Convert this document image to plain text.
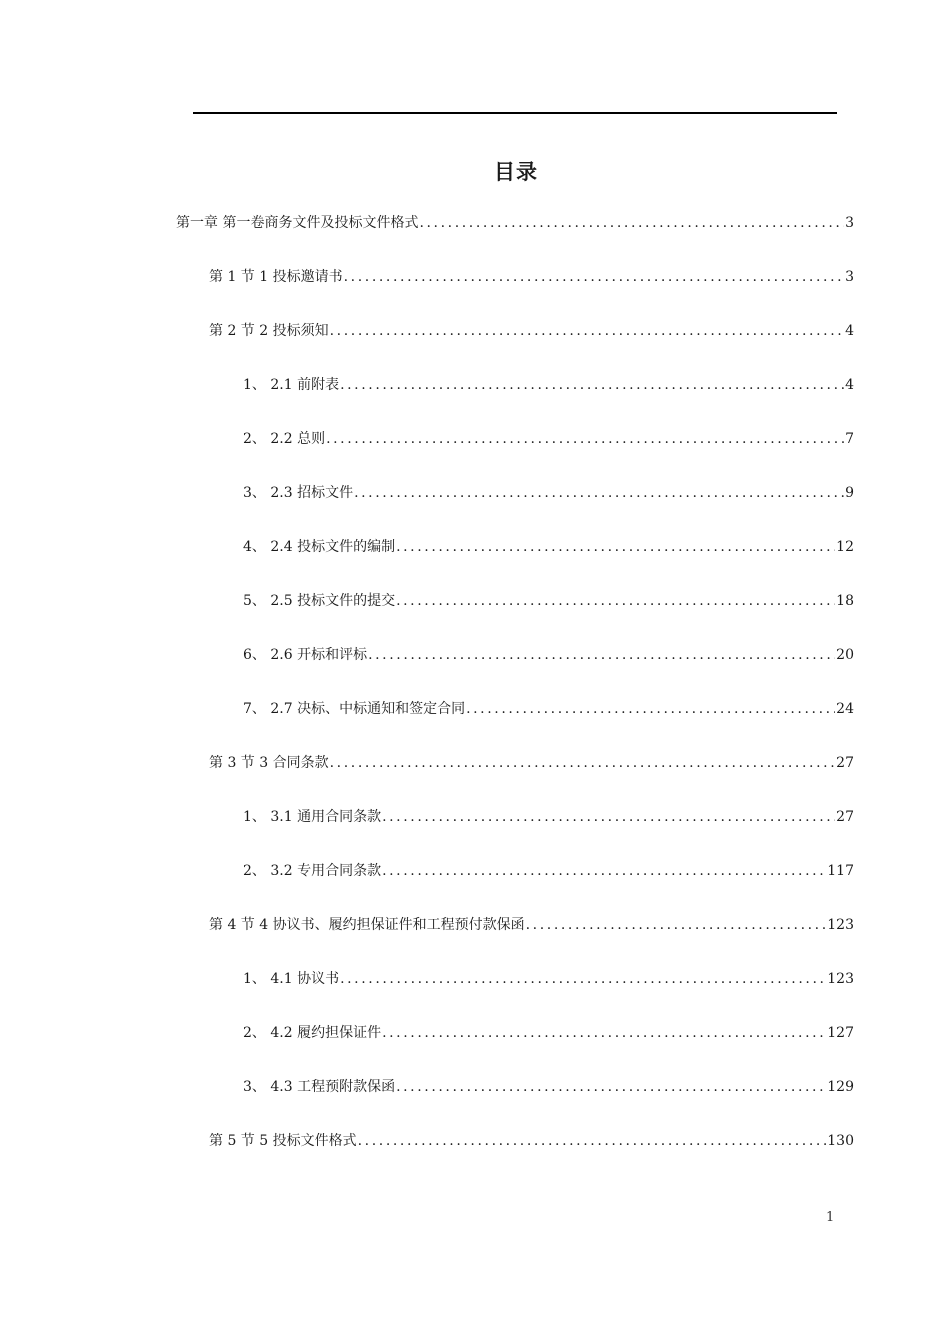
目录
第一章 第一卷商务文件及投标文件格式 .....	3
第 1 节 1 投标邀请书 .....	3
第 2 节 2 投标须知 .....	4
1、 2.1 前附表 .....	4
2、 2.2 总则 .....	7
3、 2.3 招标文件 .....	9
4、 2.4 投标文件的编制 .....	12
5、 2.5 投标文件的提交 .....	18
6、 2.6 开标和评标 .....	20
7、 2.7 决标、中标通知和签定合同 .....	24
第 3 节 3 合同条款 .....	27
1、 3.1 通用合同条款 .....	27
2、 3.2 专用合同条款 .....	117
第 4 节 4 协议书、履约担保证件和工程预付款保函 .....	123
1、 4.1 协议书 .....	123
2、 4.2 履约担保证件 .....	127
3、 4.3 工程预附款保函 .....	129
第 5 节 5 投标文件格式 .....	130
1
